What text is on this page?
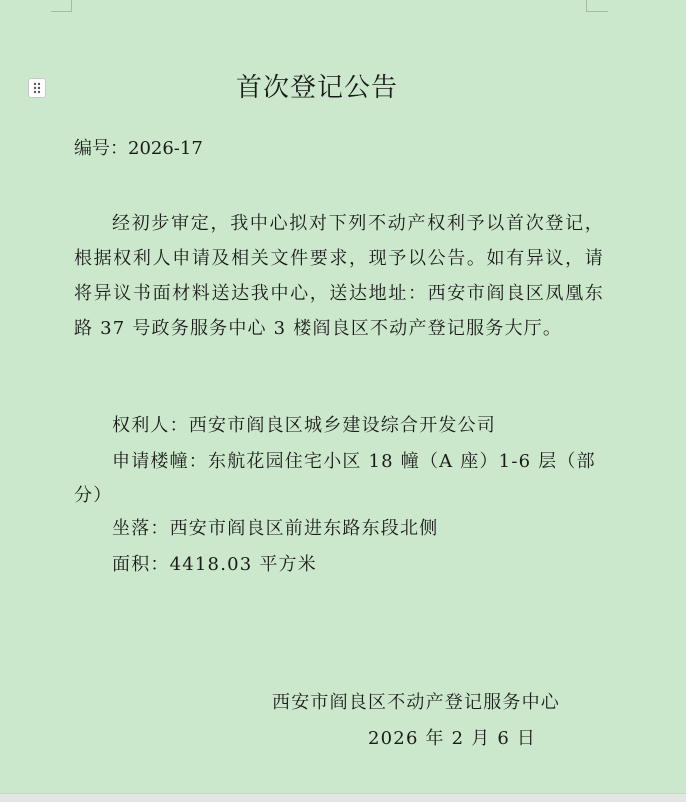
首次登记公告
编号：2026-17
经初步审定，我中心拟对下列不动产权利予以首次登记，根据权利人申请及相关文件要求，现予以公告。如有异议，请将异议书面材料送达我中心，送达地址：西安市阎良区凤凰东路 37 号政务服务中心 3 楼阎良区不动产登记服务大厅。
权利人：西安市阎良区城乡建设综合开发公司
申请楼幢：东航花园住宅小区 18 幢（A 座）1-6 层（部分）
坐落：西安市阎良区前进东路东段北侧
面积：4418.03 平方米
西安市阎良区不动产登记服务中心
2026 年 2 月 6 日
